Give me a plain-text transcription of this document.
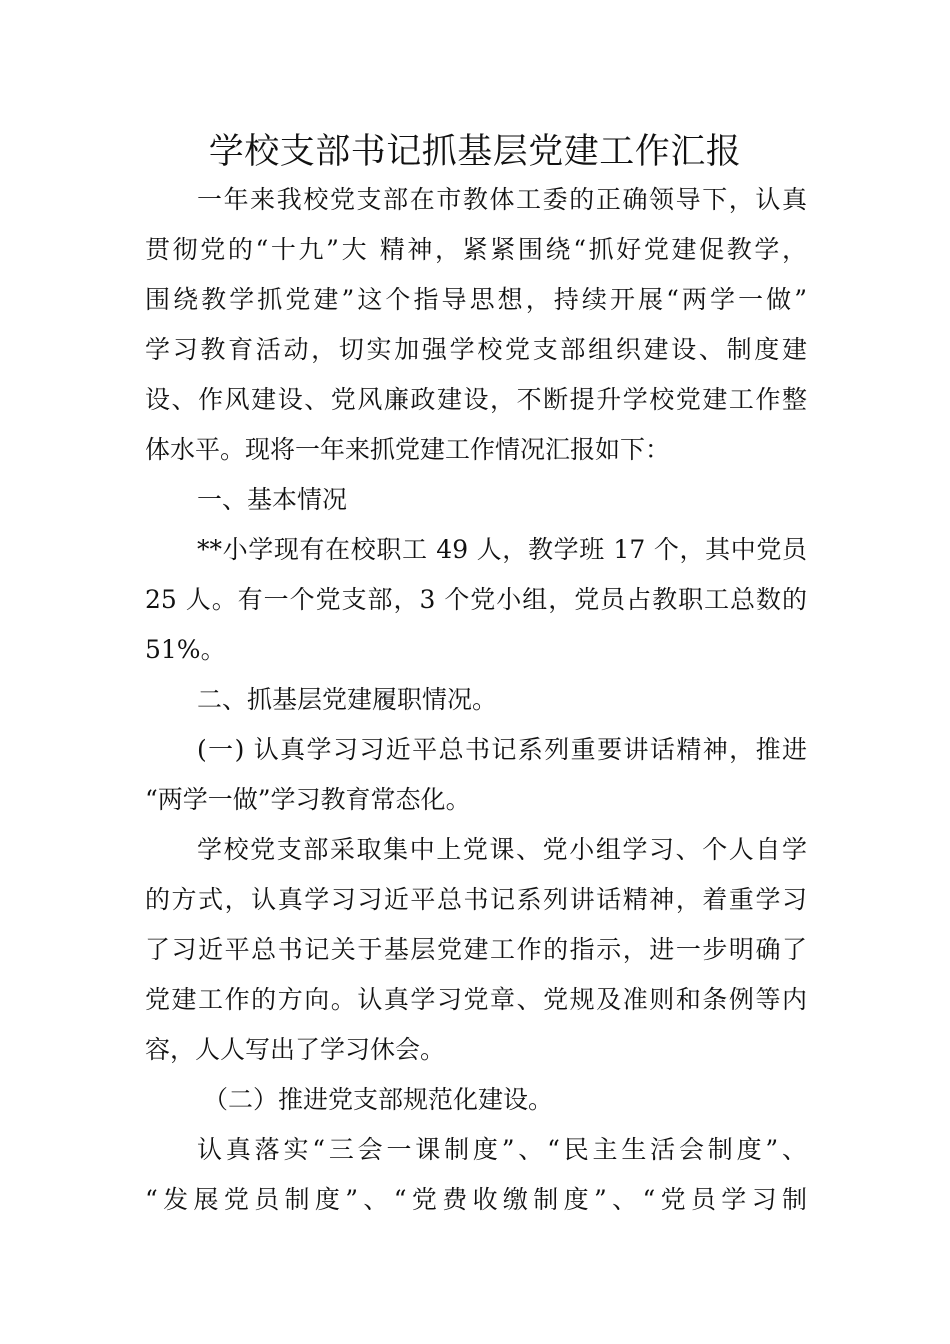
学校支部书记抓基层党建工作汇报
一年来我校党支部在市教体工委的正确领导下，认真
贯彻党的“十九”大 精神，紧紧围绕“抓好党建促教学，
围绕教学抓党建”这个指导思想，持续开展“两学一做”
学习教育活动，切实加强学校党支部组织建设、制度建
设、作风建设、党风廉政建设，不断提升学校党建工作整
体水平。现将一年来抓党建工作情况汇报如下：
一、基本情况
**小学现有在校职工 49 人，教学班 17 个，其中党员
25 人。有一个党支部，3 个党小组，党员占教职工总数的
51%。
二、抓基层党建履职情况。
(一) 认真学习习近平总书记系列重要讲话精神，推进
“两学一做”学习教育常态化。
学校党支部采取集中上党课、党小组学习、个人自学
的方式，认真学习习近平总书记系列讲话精神，着重学习
了习近平总书记关于基层党建工作的指示，进一步明确了
党建工作的方向。认真学习党章、党规及准则和条例等内
容，人人写出了学习休会。
（二）推进党支部规范化建设。
认真落实“三会一课制度”、“民主生活会制度”、
“发展党员制度”、“党费收缴制度”、“党员学习制
